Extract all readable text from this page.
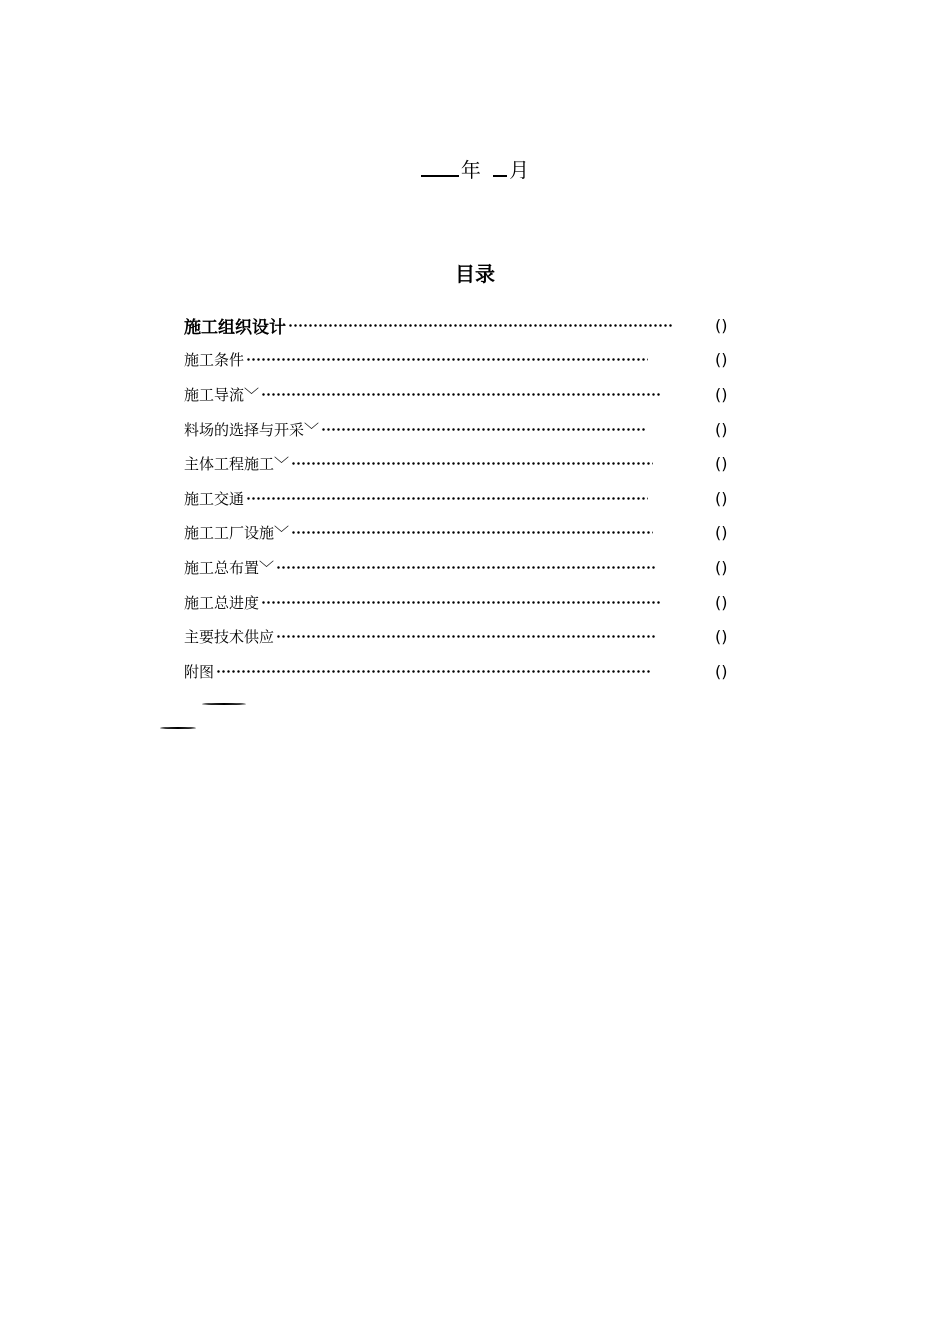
年 月
目录
施工组织设计	()
施工条件	()
施工导流﹀	()
料场的选择与开采﹀	()
主体工程施工﹀	()
施工交通	()
施工工厂设施﹀	()
施工总布置﹀	()
施工总进度	()
主要技术供应	()
附图	()
